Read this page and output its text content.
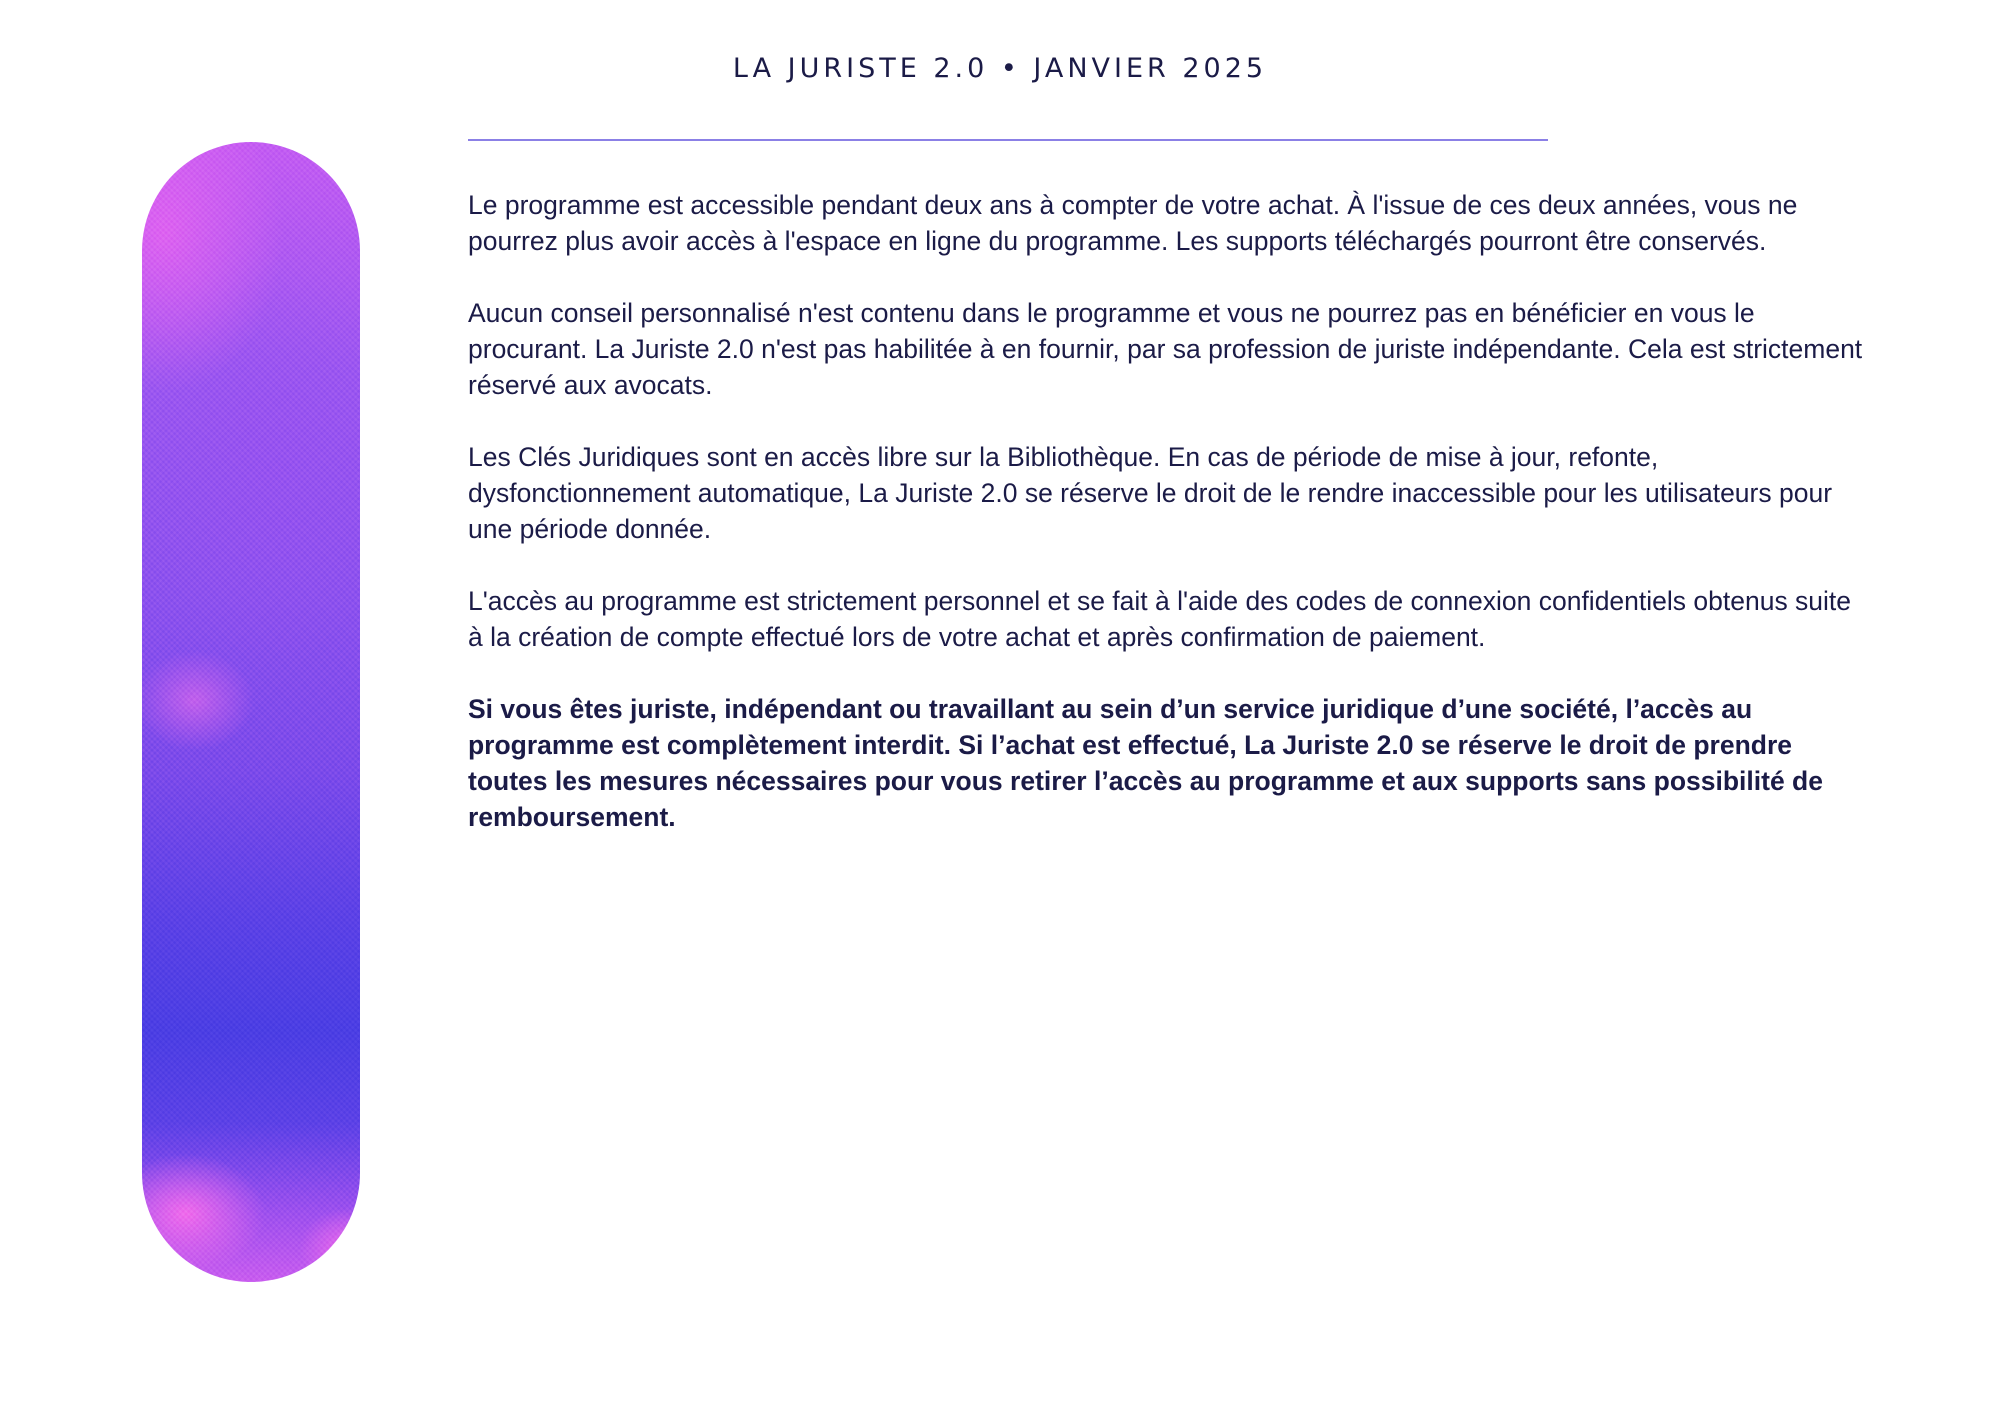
LA JURISTE 2.0 • JANVIER 2025

Le programme est accessible pendant deux ans à compter de votre achat. À l'issue de ces deux années, vous ne pourrez plus avoir accès à l'espace en ligne du programme. Les supports téléchargés pourront être conservés.

Aucun conseil personnalisé n'est contenu dans le programme et vous ne pourrez pas en bénéficier en vous le procurant. La Juriste 2.0 n'est pas habilitée à en fournir, par sa profession de juriste indépendante. Cela est strictement réservé aux avocats.

Les Clés Juridiques sont en accès libre sur la Bibliothèque. En cas de période de mise à jour, refonte, dysfonctionnement automatique, La Juriste 2.0 se réserve le droit de le rendre inaccessible pour les utilisateurs pour une période donnée.

L'accès au programme est strictement personnel et se fait à l'aide des codes de connexion confidentiels obtenus suite à la création de compte effectué lors de votre achat et après confirmation de paiement.

Si vous êtes juriste, indépendant ou travaillant au sein d’un service juridique d’une société, l’accès au programme est complètement interdit. Si l’achat est effectué, La Juriste 2.0 se réserve le droit de prendre toutes les mesures nécessaires pour vous retirer l’accès au programme et aux supports sans possibilité de remboursement.
